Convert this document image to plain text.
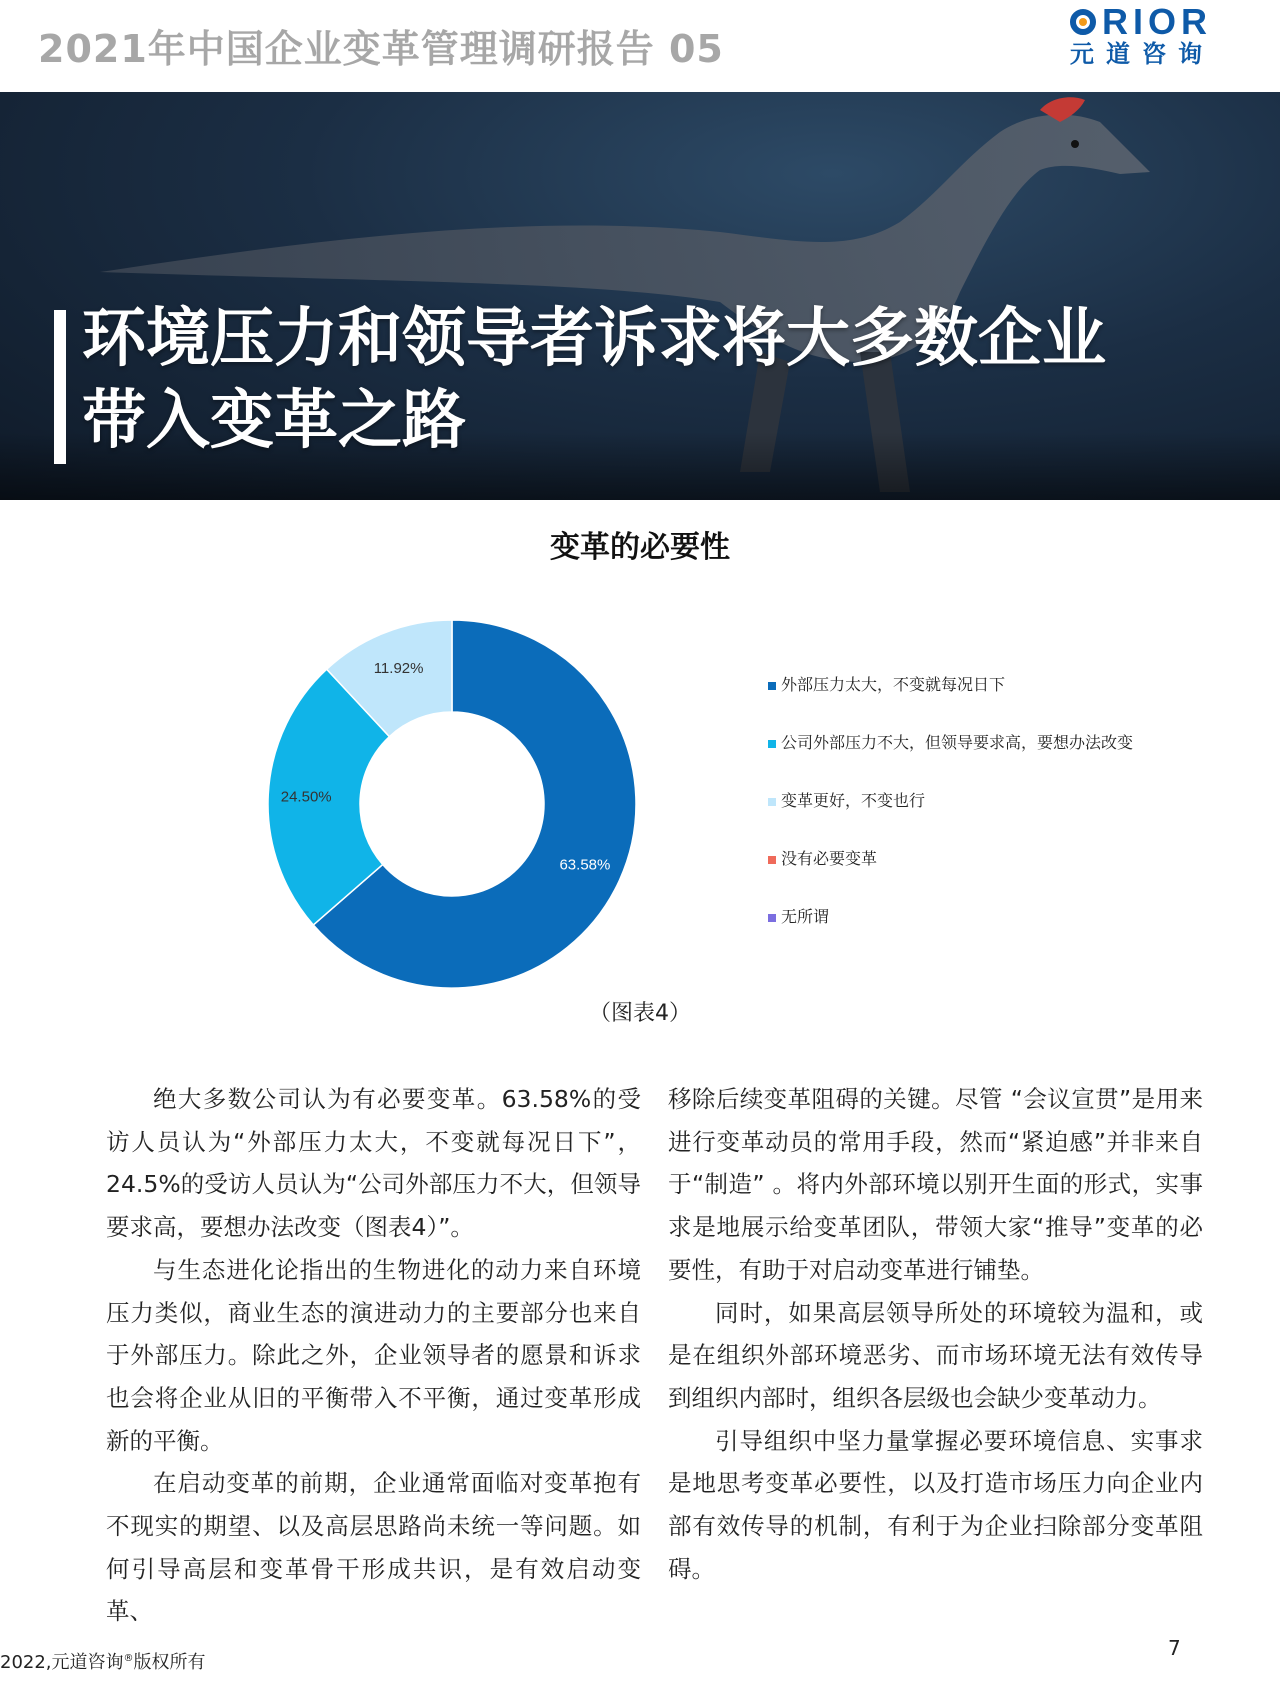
2021年中国企业变革管理调研报告 05
RIOR
元道咨询
环境压力和领导者诉求将大多数企业
带入变革之路
变革的必要性
63.58%
24.50%
11.92%
外部压力太大，不变就每况日下
公司外部压力不大，但领导要求高，要想办法改变
变革更好，不变也行
没有必要变革
无所谓
（图表4）

绝大多数公司认为有必要变革。63.58%的受访人员认为“外部压力太大，不变就每况日下”，24.5%的受访人员认为“公司外部压力不大，但领导要求高，要想办法改变（图表4）”。

与生态进化论指出的生物进化的动力来自环境压力类似，商业生态的演进动力的主要部分也来自于外部压力。除此之外，企业领导者的愿景和诉求也会将企业从旧的平衡带入不平衡，通过变革形成新的平衡。

在启动变革的前期，企业通常面临对变革抱有不现实的期望、以及高层思路尚未统一等问题。如何引导高层和变革骨干形成共识，是有效启动变革、

移除后续变革阻碍的关键。尽管 “会议宣贯”是用来进行变革动员的常用手段，然而“紧迫感”并非来自于“制造” 。将内外部环境以别开生面的形式，实事求是地展示给变革团队，带领大家“推导”变革的必要性，有助于对启动变革进行铺垫。

同时，如果高层领导所处的环境较为温和，或是在组织外部环境恶劣、而市场环境无法有效传导到组织内部时，组织各层级也会缺少变革动力。

引导组织中坚力量掌握必要环境信息、实事求是地思考变革必要性，以及打造市场压力向企业内部有效传导的机制，有利于为企业扫除部分变革阻碍。

2022,元道咨询®版权所有
7
